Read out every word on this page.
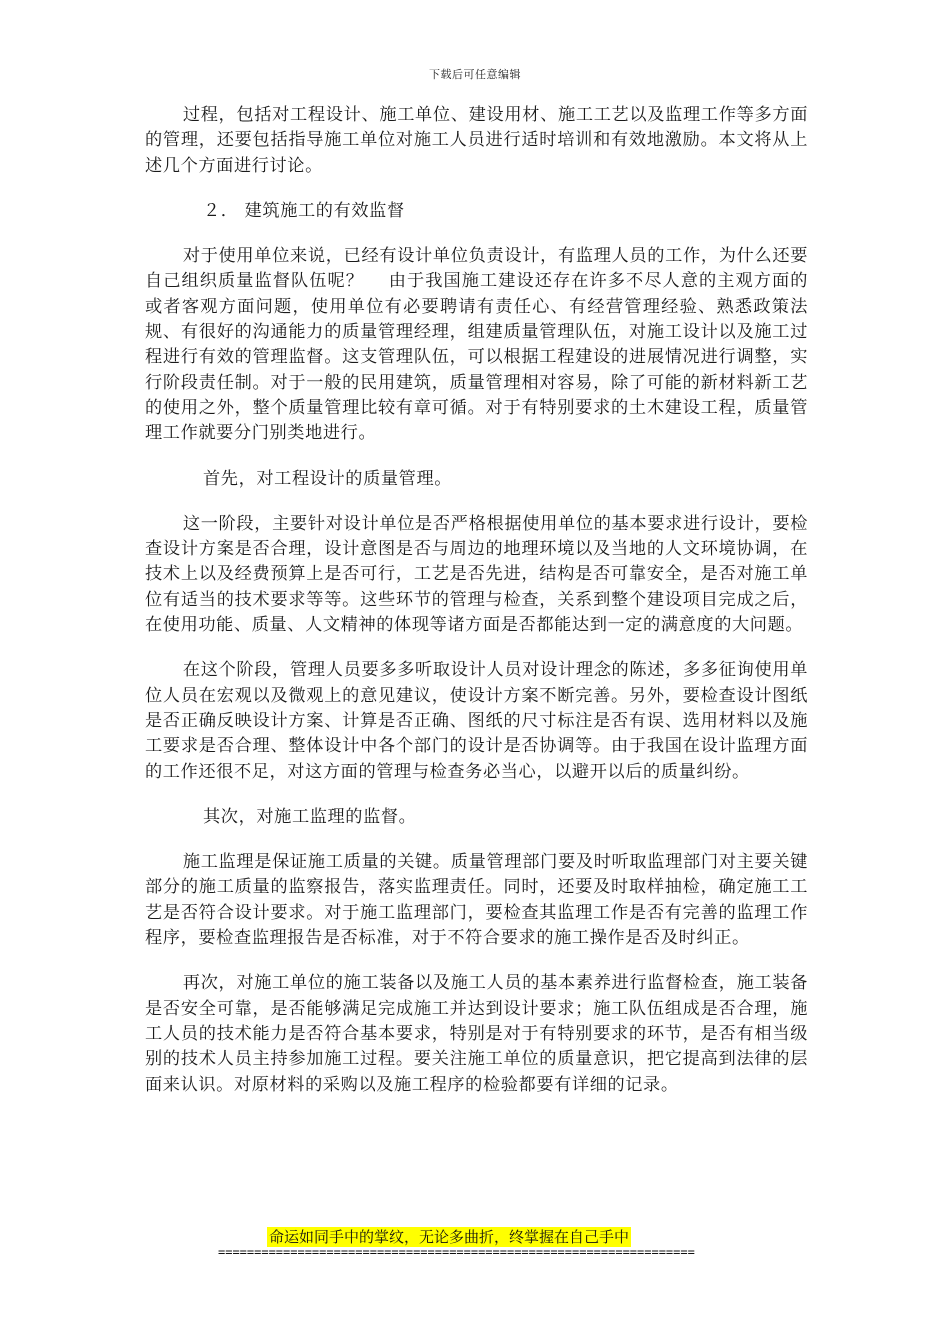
下载后可任意编辑

过程，包括对工程设计、施工单位、建设用材、施工工艺以及监理工作等多方面的管理，还要包括指导施工单位对施工人员进行适时培训和有效地激励。本文将从上述几个方面进行讨论。

２． 建筑施工的有效监督

对于使用单位来说，已经有设计单位负责设计，有监理人员的工作，为什么还要自己组织质量监督队伍呢？　 由于我国施工建设还存在许多不尽人意的主观方面的或者客观方面问题，使用单位有必要聘请有责任心、有经营管理经验、熟悉政策法规、有很好的沟通能力的质量管理经理，组建质量管理队伍，对施工设计以及施工过程进行有效的管理监督。这支管理队伍，可以根据工程建设的进展情况进行调整，实行阶段责任制。对于一般的民用建筑，质量管理相对容易，除了可能的新材料新工艺的使用之外，整个质量管理比较有章可循。对于有特别要求的土木建设工程，质量管理工作就要分门别类地进行。

首先，对工程设计的质量管理。

这一阶段，主要针对设计单位是否严格根据使用单位的基本要求进行设计，要检查设计方案是否合理，设计意图是否与周边的地理环境以及当地的人文环境协调，在技术上以及经费预算上是否可行，工艺是否先进，结构是否可靠安全，是否对施工单位有适当的技术要求等等。这些环节的管理与检查，关系到整个建设项目完成之后，在使用功能、质量、人文精神的体现等诸方面是否都能达到一定的满意度的大问题。

在这个阶段，管理人员要多多听取设计人员对设计理念的陈述，多多征询使用单位人员在宏观以及微观上的意见建议，使设计方案不断完善。另外，要检查设计图纸是否正确反映设计方案、计算是否正确、图纸的尺寸标注是否有误、选用材料以及施工要求是否合理、整体设计中各个部门的设计是否协调等。由于我国在设计监理方面的工作还很不足，对这方面的管理与检查务必当心，以避开以后的质量纠纷。

其次，对施工监理的监督。

施工监理是保证施工质量的关键。质量管理部门要及时听取监理部门对主要关键部分的施工质量的监察报告，落实监理责任。同时，还要及时取样抽检，确定施工工艺是否符合设计要求。对于施工监理部门，要检查其监理工作是否有完善的监理工作程序，要检查监理报告是否标准，对于不符合要求的施工操作是否及时纠正。

再次，对施工单位的施工装备以及施工人员的基本素养进行监督检查，施工装备是否安全可靠，是否能够满足完成施工并达到设计要求；施工队伍组成是否合理，施工人员的技术能力是否符合基本要求，特别是对于有特别要求的环节，是否有相当级别的技术人员主持参加施工过程。要关注施工单位的质量意识，把它提高到法律的层面来认识。对原材料的采购以及施工程序的检验都要有详细的记录。

命运如同手中的掌纹，无论多曲折，终掌握在自己手中
==================================================================
